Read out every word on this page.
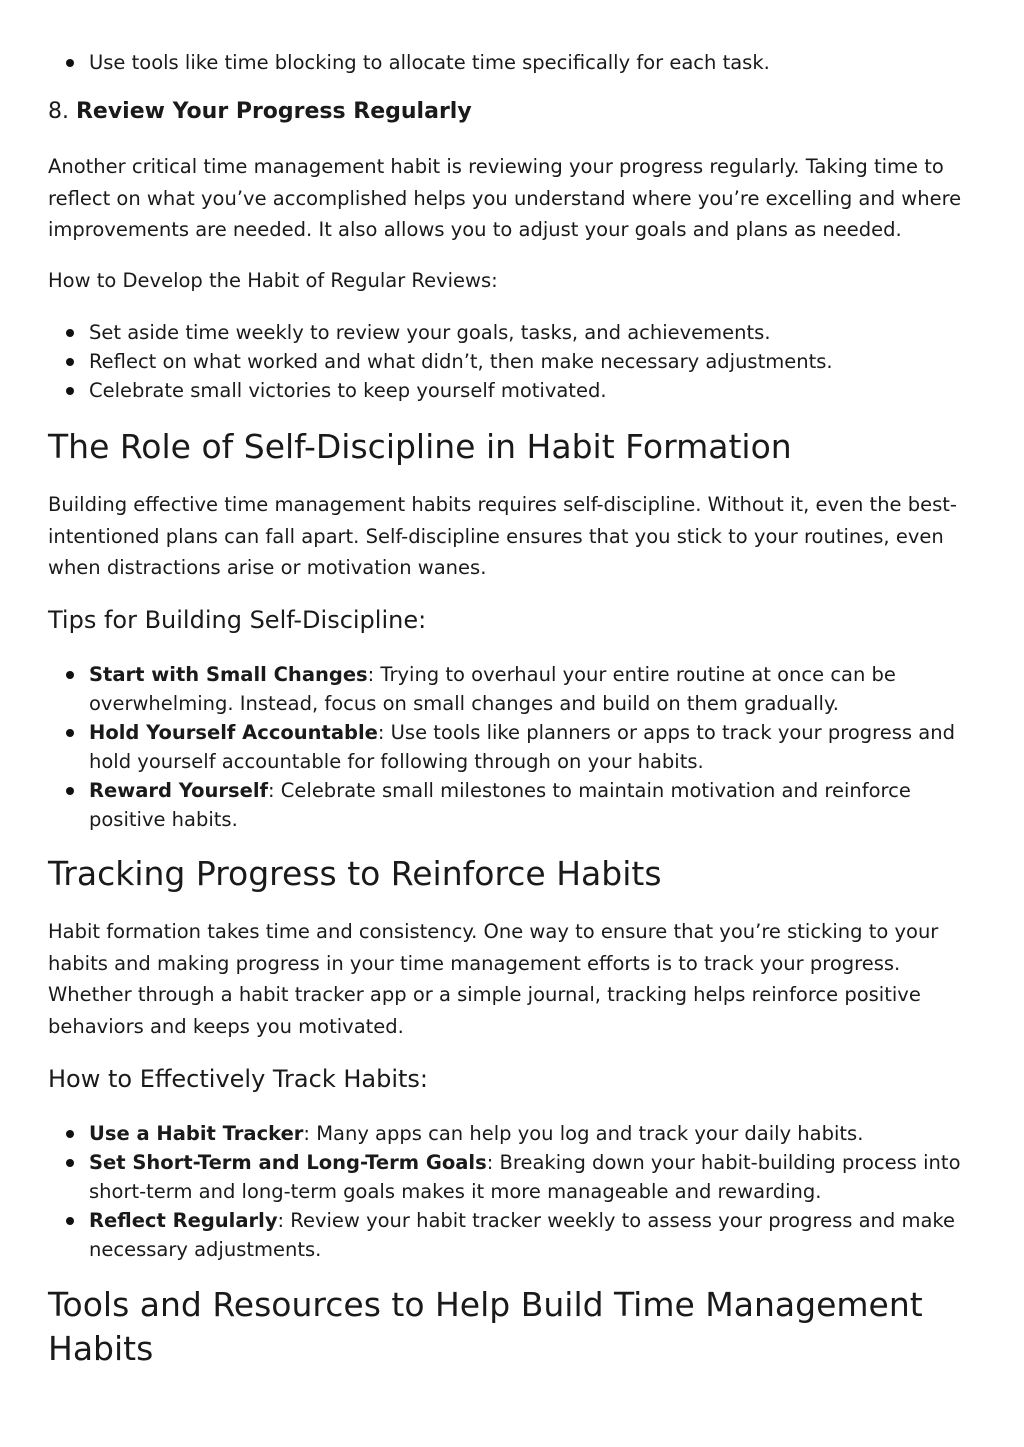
Use tools like time blocking to allocate time specifically for each task.
8. Review Your Progress Regularly

Another critical time management habit is reviewing your progress regularly. Taking time to reflect on what you’ve accomplished helps you understand where you’re excelling and where improvements are needed. It also allows you to adjust your goals and plans as needed.

How to Develop the Habit of Regular Reviews:

Set aside time weekly to review your goals, tasks, and achievements.
Reflect on what worked and what didn’t, then make necessary adjustments.
Celebrate small victories to keep yourself motivated.
The Role of Self-Discipline in Habit Formation

Building effective time management habits requires self-discipline. Without it, even the best-intentioned plans can fall apart. Self-discipline ensures that you stick to your routines, even when distractions arise or motivation wanes.

Tips for Building Self-Discipline:

Start with Small Changes: Trying to overhaul your entire routine at once can be overwhelming. Instead, focus on small changes and build on them gradually.
Hold Yourself Accountable: Use tools like planners or apps to track your progress and hold yourself accountable for following through on your habits.
Reward Yourself: Celebrate small milestones to maintain motivation and reinforce positive habits.
Tracking Progress to Reinforce Habits

Habit formation takes time and consistency. One way to ensure that you’re sticking to your habits and making progress in your time management efforts is to track your progress. Whether through a habit tracker app or a simple journal, tracking helps reinforce positive behaviors and keeps you motivated.

How to Effectively Track Habits:

Use a Habit Tracker: Many apps can help you log and track your daily habits.
Set Short-Term and Long-Term Goals: Breaking down your habit-building process into short-term and long-term goals makes it more manageable and rewarding.
Reflect Regularly: Review your habit tracker weekly to assess your progress and make necessary adjustments.
Tools and Resources to Help Build Time Management Habits
